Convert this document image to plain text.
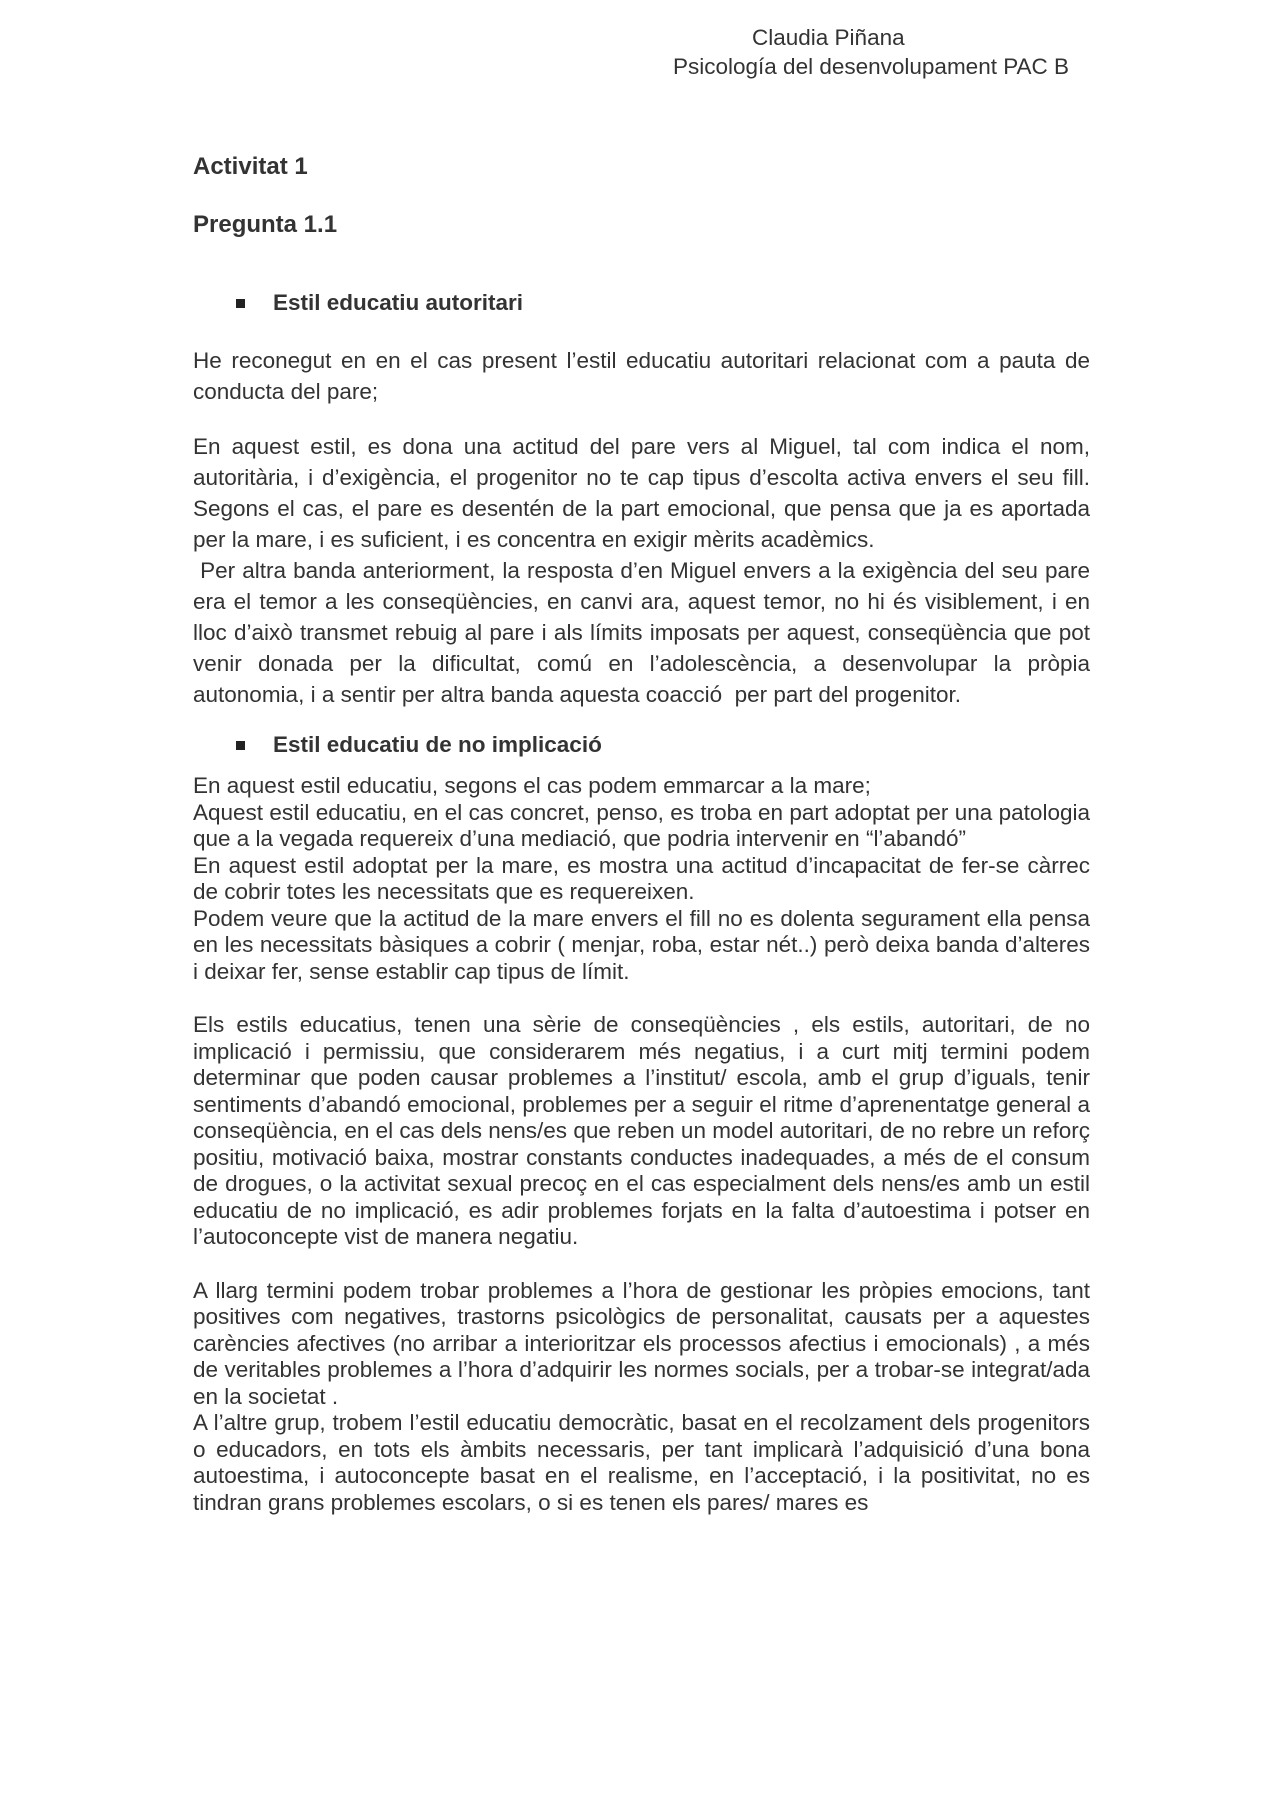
Claudia Piñana
Psicología del desenvolupament PAC B
Activitat 1
Pregunta 1.1
Estil educatiu autoritari

He reconegut en en el cas present l’estil educatiu autoritari relacionat com a pauta de conducta del pare;

En aquest estil, es dona una actitud del pare vers al Miguel, tal com indica el nom, autoritària, i d’exigència, el progenitor no te cap tipus d’escolta activa envers el seu fill. Segons el cas, el pare es desentén de la part emocional, que pensa que ja es aportada per la mare, i es suficient, i es concentra en exigir mèrits acadèmics.

Per altra banda anteriorment, la resposta d’en Miguel envers a la exigència del seu pare era el temor a les conseqüències, en canvi ara, aquest temor, no hi és visiblement, i en lloc d’això transmet rebuig al pare i als límits imposats per aquest, conseqüència que pot venir donada per la dificultat, comú en l’adolescència, a desenvolupar la pròpia autonomia, i a sentir per altra banda aquesta coacció  per part del progenitor.

Estil educatiu de no implicació

En aquest estil educatiu, segons el cas podem emmarcar a la mare;

Aquest estil educatiu, en el cas concret, penso, es troba en part adoptat per una patologia que a la vegada requereix d’una mediació, que podria intervenir en “l’abandó”

En aquest estil adoptat per la mare, es mostra una actitud d’incapacitat de fer-se càrrec de cobrir totes les necessitats que es requereixen.

Podem veure que la actitud de la mare envers el fill no es dolenta segurament ella pensa en les necessitats bàsiques a cobrir ( menjar, roba, estar nét..) però deixa banda d’alteres i deixar fer, sense establir cap tipus de límit.

Els estils educatius, tenen una sèrie de conseqüències , els estils, autoritari, de no implicació i permissiu, que considerarem més negatius, i a curt mitj termini podem determinar que poden causar problemes a l’institut/ escola, amb el grup d’iguals, tenir sentiments d’abandó emocional, problemes per a seguir el ritme d’aprenentatge general a conseqüència, en el cas dels nens/es que reben un model autoritari, de no rebre un reforç positiu, motivació baixa, mostrar constants conductes inadequades, a més de el consum de drogues, o la activitat sexual precoç en el cas especialment dels nens/es amb un estil educatiu de no implicació, es adir problemes forjats en la falta d’autoestima i potser en l’autoconcepte vist de manera negatiu.

A llarg termini podem trobar problemes a l’hora de gestionar les pròpies emocions, tant positives com negatives, trastorns psicològics de personalitat, causats per a aquestes carències afectives (no arribar a interioritzar els processos afectius i emocionals) , a més de veritables problemes a l’hora d’adquirir les normes socials, per a trobar-se integrat/ada en la societat .

A l’altre grup, trobem l’estil educatiu democràtic, basat en el recolzament dels progenitors o educadors, en tots els àmbits necessaris, per tant implicarà l’adquisició d’una bona autoestima, i autoconcepte basat en el realisme, en l’acceptació, i la positivitat, no es tindran grans problemes escolars, o si es tenen els pares/ mares es
